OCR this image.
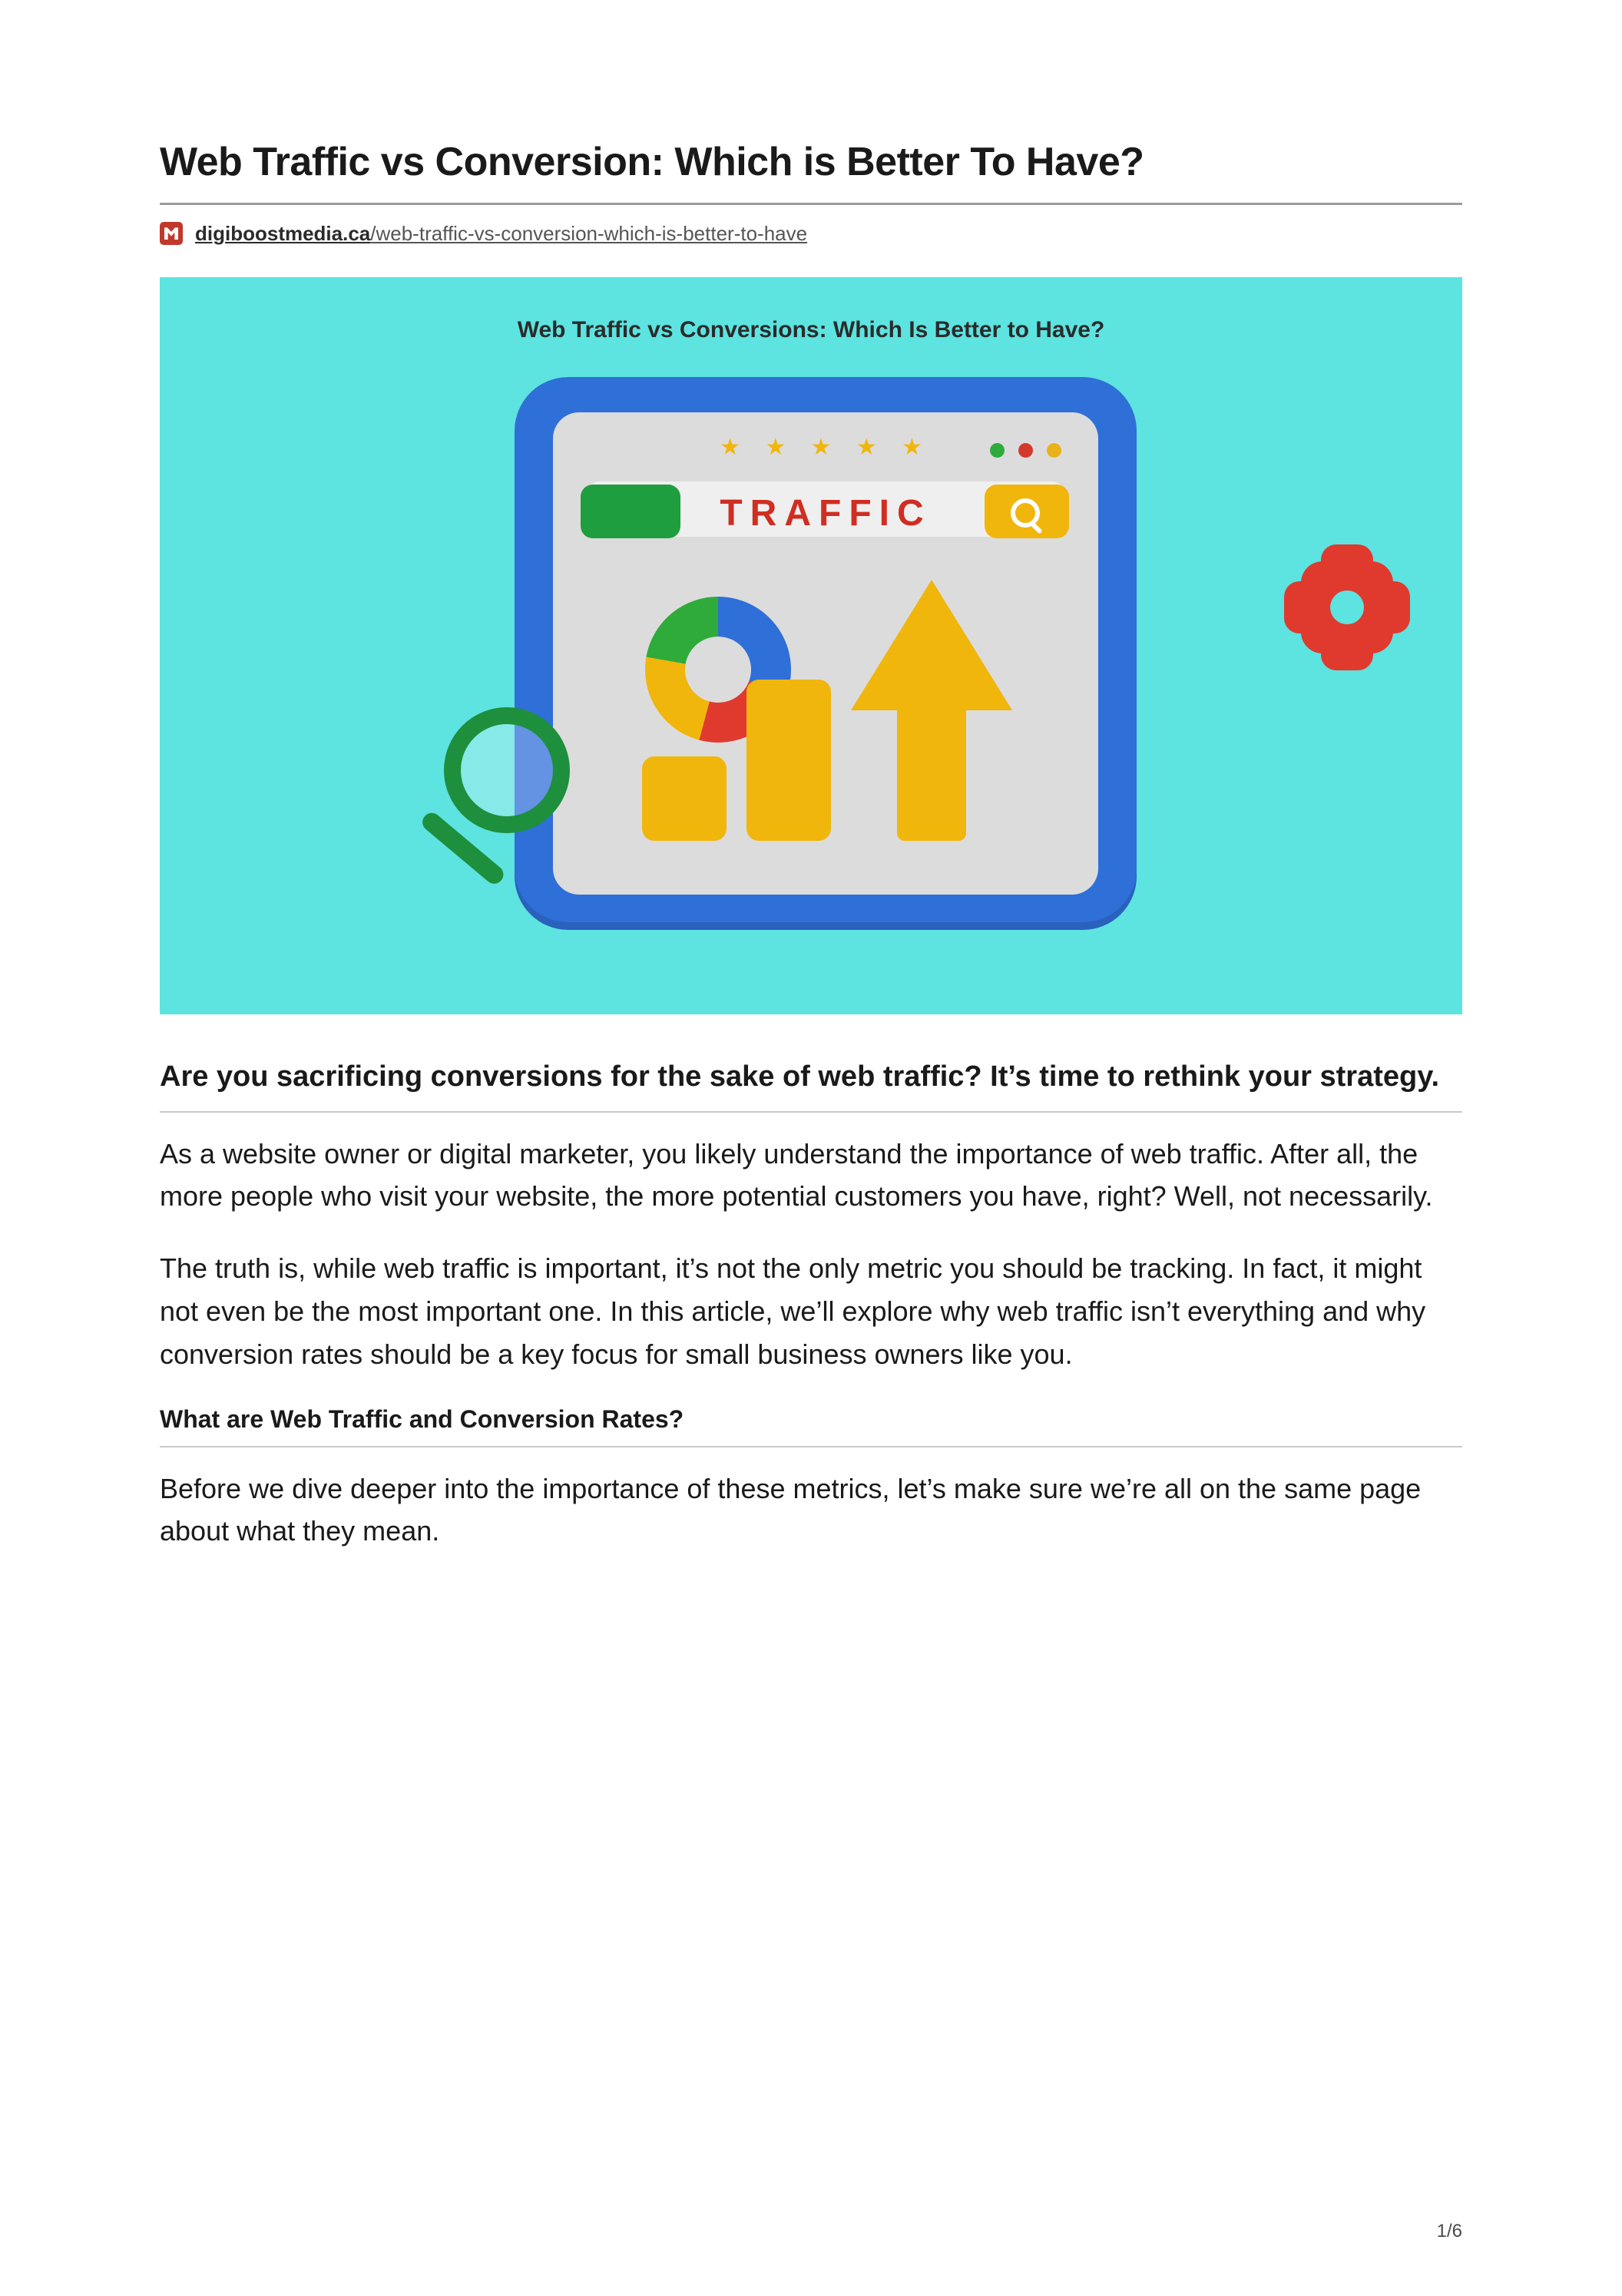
Web Traffic vs Conversion: Which is Better To Have?
digiboostmedia.ca/web-traffic-vs-conversion-which-is-better-to-have
Web Traffic vs Conversions: Which Is Better to Have?
★ ★ ★ ★ ★
TRAFFIC
Are you sacrificing conversions for the sake of web traffic? It’s time to rethink your strategy.

As a website owner or digital marketer, you likely understand the importance of web traffic. After all, the more people who visit your website, the more potential customers you have, right? Well, not necessarily.

The truth is, while web traffic is important, it’s not the only metric you should be tracking. In fact, it might not even be the most important one. In this article, we’ll explore why web traffic isn’t everything and why conversion rates should be a key focus for small business owners like you.

What are Web Traffic and Conversion Rates?

Before we dive deeper into the importance of these metrics, let’s make sure we’re all on the same page about what they mean.

1/6
